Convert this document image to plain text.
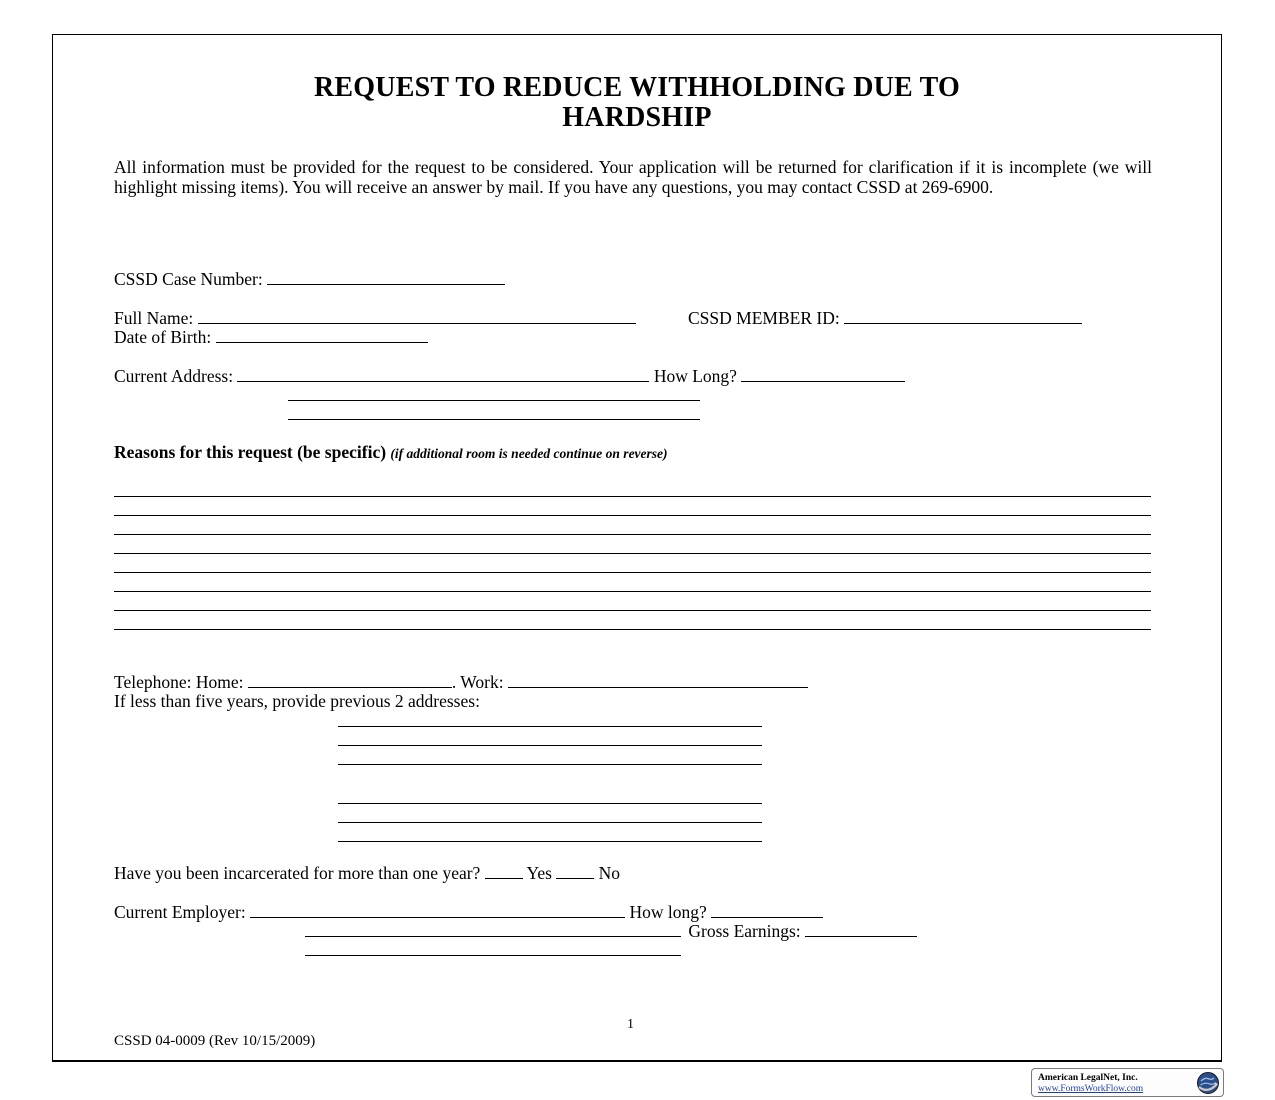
REQUEST TO REDUCE WITHHOLDING DUE TO
HARDSHIP
All information must be provided for the request to be considered. Your application will be returned for clarification if it is incomplete (we will highlight missing items). You will receive an answer by mail. If you have any questions, you may contact CSSD at 269-6900.
CSSD Case Number:
Full Name:	CSSD MEMBER ID:
Date of Birth:
Current Address:	How Long?
Reasons for this request (be specific) (if additional room is needed continue on reverse)
Telephone: Home:	. Work:
If less than five years, provide previous 2 addresses:
Have you been incarcerated for more than one year?  Yes  No
Current Employer:	How long?
Gross Earnings:
1
CSSD 04-0009 (Rev 10/15/2009)
American LegalNet, Inc.
www.FormsWorkFlow.com
